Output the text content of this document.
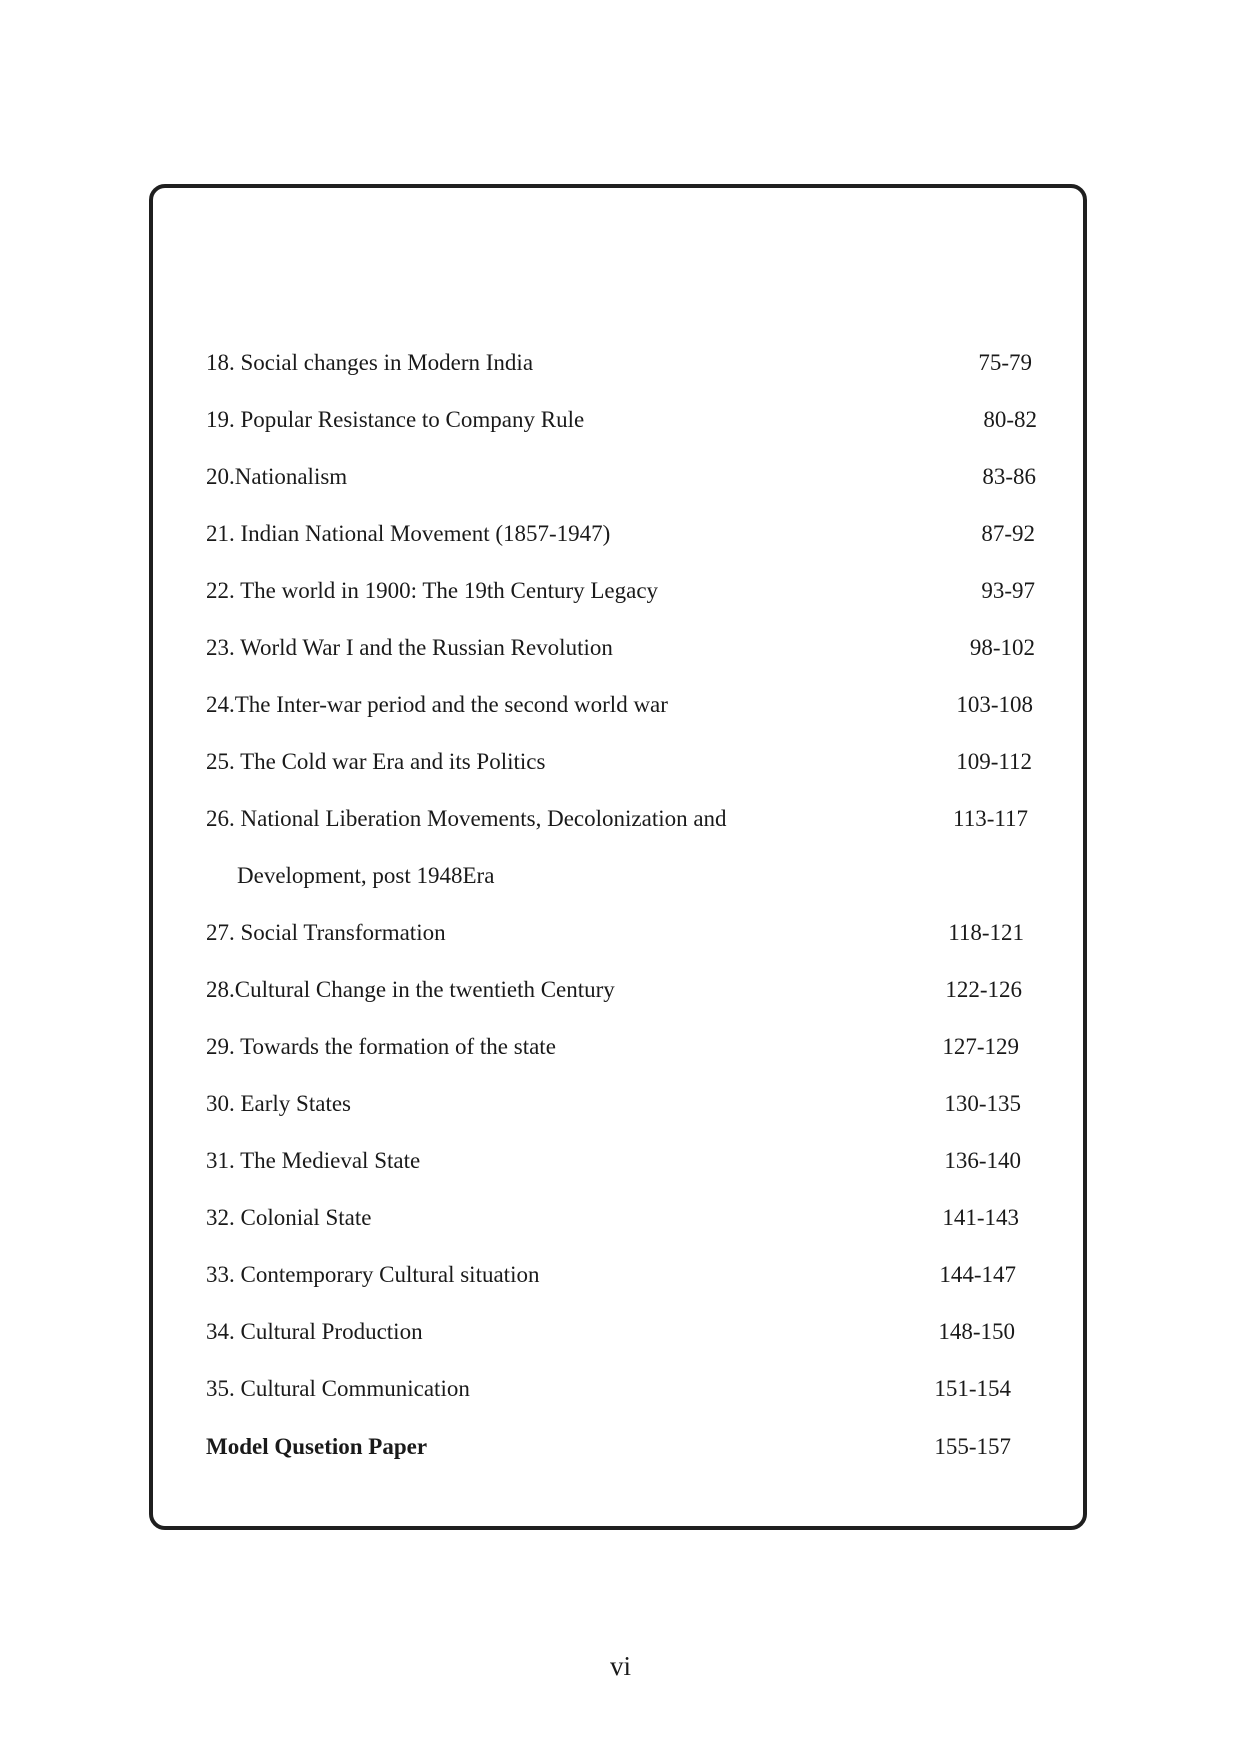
18. Social changes in Modern India	75-79
19. Popular Resistance to Company Rule	80-82
20.Nationalism	83-86
21. Indian National Movement (1857-1947)	87-92
22. The world in 1900: The 19th Century Legacy	93-97
23. World War I and the Russian Revolution	98-102
24.The Inter-war period and the second world war	103-108
25. The Cold war Era and its Politics	109-112
26. National Liberation Movements, Decolonization and	113-117
Development, post 1948Era
27. Social Transformation	118-121
28.Cultural Change in the twentieth Century	122-126
29. Towards the formation of the state	127-129
30. Early States	130-135
31. The Medieval State	136-140
32. Colonial State	141-143
33. Contemporary Cultural situation	144-147
34. Cultural Production	148-150
35. Cultural Communication	151-154
Model Qusetion Paper	155-157
vi
